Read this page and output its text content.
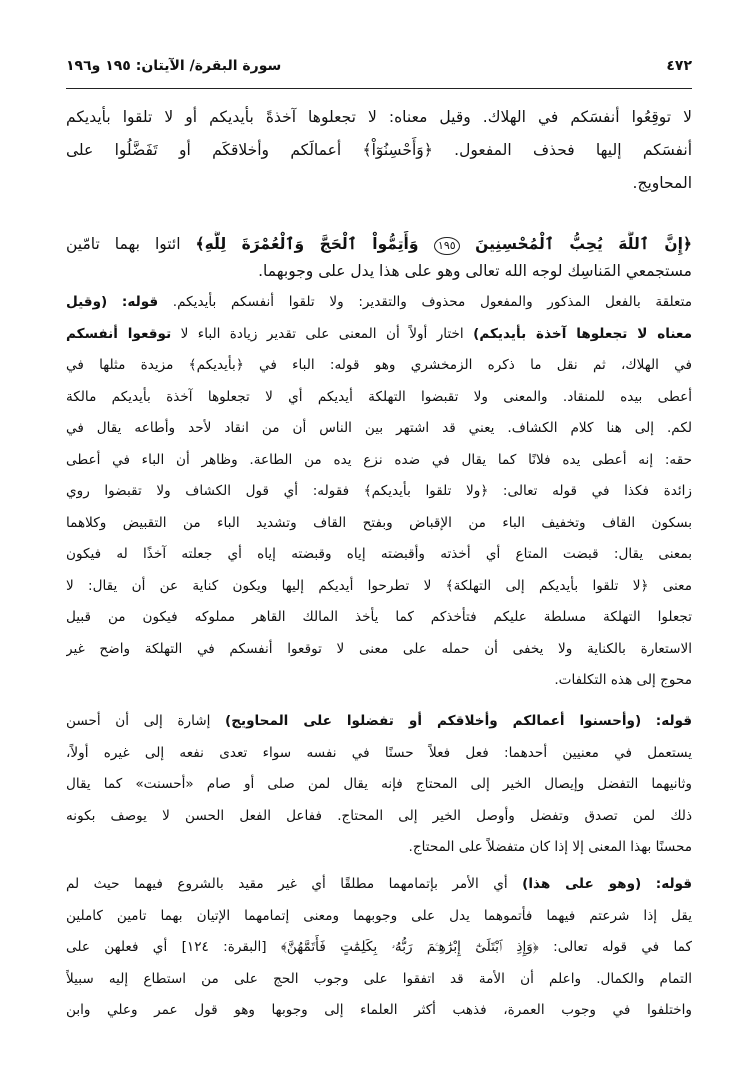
٤٧٢
سورة البقرة/ الآيتان: ١٩٥ و١٩٦
لا توقِعُوا أنفسَكم في الهلاك. وقيل معناه: لا تجعلوها آخذةً بأيديكم أو لا تلقوا بأيديكم
أنفسَكم إليها فحذف المفعول. ﴿وَأَحْسِنُوٓاْ﴾ أعمالَكم وأخلاقكَم أو تَفَضَّلُوا على
المحاويج.
﴿إِنَّ ٱللَّهَ يُحِبُّ ٱلْمُحْسِنِينَ ١٩٥ وَأَتِمُّواْ ٱلْحَجَّ وَٱلْعُمْرَةَ لِلَّهِ﴾ ائتوا بهما تامّين
مستجمعي المَناسِك لوجه الله تعالى وهو على هذا يدل على وجوبهما.
متعلقة بالفعل المذكور والمفعول محذوف والتقدير: ولا تلقوا أنفسكم بأيديكم. قوله: (وقيل
معناه لا تجعلوها آخذة بأيديكم) اختار أولاً أن المعنى على تقدير زيادة الباء لا توقعوا أنفسكم
في الهلاك، ثم نقل ما ذكره الزمخشري وهو قوله: الباء في ﴿بأيديكم﴾ مزيدة مثلها في
أعطى بيده للمنقاد. والمعنى ولا تقبضوا التهلكة أيديكم أي لا تجعلوها آخذة بأيديكم مالكة
لكم. إلى هنا كلام الكشاف. يعني قد اشتهر بين الناس أن من انقاد لأحد وأطاعه يقال في
حقه: إنه أعطى يده فلانًا كما يقال في ضده نزع يده من الطاعة. وظاهر أن الباء في أعطى
زائدة فكذا في قوله تعالى: ﴿ولا تلقوا بأيديكم﴾ فقوله: أي قول الكشاف ولا تقبضوا روي
بسكون القاف وتخفيف الباء من الإقباض وبفتح القاف وتشديد الباء من التقبيض وكلاهما
بمعنى يقال: قبضت المتاع أي أخذته وأقبضته إياه وقبضته إياه أي جعلته آخذًا له فيكون
معنى ﴿لا تلقوا بأيديكم إلى التهلكة﴾ لا تطرحوا أيديكم إليها ويكون كناية عن أن يقال: لا
تجعلوا التهلكة مسلطة عليكم فتأخذكم كما يأخذ المالك القاهر مملوكه فيكون من قبيل
الاستعارة بالكناية ولا يخفى أن حمله على معنى لا توقعوا أنفسكم في التهلكة واضح غير
محوج إلى هذه التكلفات.
قوله: (وأحسنوا أعمالكم وأخلاقكم أو تفضلوا على المحاويج) إشارة إلى أن أحسن
يستعمل في معنيين أحدهما: فعل فعلاً حسنًا في نفسه سواء تعدى نفعه إلى غيره أولاً،
وثانيهما التفضل وإيصال الخير إلى المحتاج فإنه يقال لمن صلى أو صام «أحسنت» كما يقال
ذلك لمن تصدق وتفضل وأوصل الخير إلى المحتاج. ففاعل الفعل الحسن لا يوصف بكونه
محسنًا بهذا المعنى إلا إذا كان متفضلاً على المحتاج.
قوله: (وهو على هذا) أي الأمر بإتمامهما مطلقًا أي غير مقيد بالشروع فيهما حيث لم
يقل إذا شرعتم فيهما فأتموهما يدل على وجوبهما ومعنى إتمامهما الإتيان بهما تامين كاملين
كما في قوله تعالى: ﴿وَإِذِ ٱبْتَلَىٰٓ إِبْرَٰهِـۧمَ رَبُّهُۥ بِكَلِمَٰتٍ فَأَتَمَّهُنَّ﴾ [البقرة: ١٢٤] أي فعلهن على
التمام والكمال. واعلم أن الأمة قد اتفقوا على وجوب الحج على من استطاع إليه سبيلاً
واختلفوا في وجوب العمرة، فذهب أكثر العلماء إلى وجوبها وهو قول عمر وعلي وابن
